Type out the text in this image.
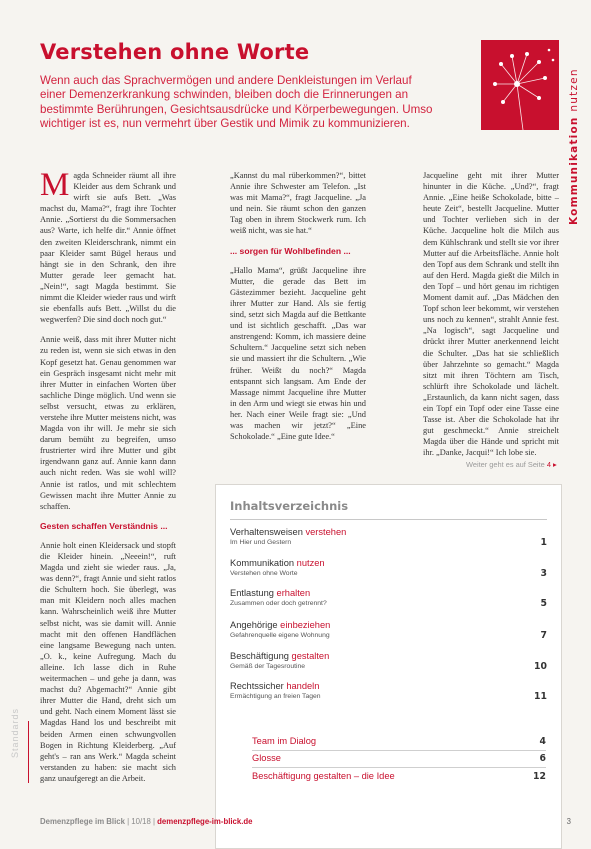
Verstehen ohne Worte

Wenn auch das Sprachvermögen und andere Denkleistungen im Verlauf einer Demenzerkrankung schwinden, bleiben doch die Erinnerungen an bestimmte Berührungen, Gesichtsausdrücke und Körperbewegungen. Umso wichtiger ist es, nun vermehrt über Gestik und Mimik zu kommunizieren.	Kommunikation nutzen

Magda Schneider räumt all ihre Kleider aus dem Schrank und wirft sie aufs Bett. „Was machst du, Mama?“, fragt ihre Tochter Annie. „Sortierst du die Sommersachen aus? Warte, ich helfe dir.“ Annie öffnet den zweiten Kleiderschrank, nimmt ein paar Kleider samt Bügel heraus und hängt sie in den Schrank, den ihre Mutter gerade leer gemacht hat. „Nein!“, sagt Magda bestimmt. Sie nimmt die Kleider wieder raus und wirft sie ebenfalls aufs Bett. „Willst du die wegwerfen? Die sind doch noch gut.“

Annie weiß, dass mit ihrer Mutter nicht zu reden ist, wenn sie sich etwas in den Kopf gesetzt hat. Genau genommen war ein Gespräch insgesamt nicht mehr mit ihrer Mutter in einfachen Worten über sachliche Dinge möglich. Und wenn sie selbst versucht, etwas zu erklären, verstehe ihre Mutter meistens nicht, was Magda von ihr will. Je mehr sie sich darum bemüht zu begreifen, umso frustrierter wird ihre Mutter und gibt irgendwann ganz auf. Annie kann dann auch nicht reden. Was sie wohl will? Annie ist ratlos, und mit schlechtem Gewissen macht ihre Mutter Annie zu schaffen.

Gesten schaffen Verständnis ...

Annie holt einen Kleidersack und stopft die Kleider hinein. „Neeein!“, ruft Magda und zieht sie wieder raus. „Ja, was denn?“, fragt Annie und sieht ratlos die Schultern hoch. Sie überlegt, was man mit Kleidern noch alles machen kann. Wahrscheinlich weiß ihre Mutter selbst nicht, was sie damit will. Annie macht mit den offenen Handflächen eine langsame Bewegung nach unten. „O. k., keine Aufregung. Mach du alleine. Ich lasse dich in Ruhe weitermachen – und gehe ja dann, was machst du? Abgemacht?“ Annie gibt ihrer Mutter die Hand, dreht sich um und geht. Nach einem Moment lässt sie Magdas Hand los und beschreibt mit beiden Armen einen schwungvollen Bogen in Richtung Kleiderberg. „Auf geht's – ran ans Werk.“ Magda scheint verstanden zu haben: sie macht sich ganz unaufgeregt an die Arbeit.

„Kannst du mal rüberkommen?“, bittet Annie ihre Schwester am Telefon. „Ist was mit Mama?“, fragt Jacqueline. „Ja und nein. Sie räumt schon den ganzen Tag oben in ihrem Stockwerk rum. Ich weiß nicht, was sie hat.“

... sorgen für Wohlbefinden ...

„Hallo Mama“, grüßt Jacqueline ihre Mutter, die gerade das Bett im Gästezimmer bezieht. Jacqueline geht ihrer Mutter zur Hand. Als sie fertig sind, setzt sich Magda auf die Bettkante und ist sichtlich geschafft. „Das war anstrengend: Komm, ich massiere deine Schultern.“ Jacqueline setzt sich neben sie und massiert ihr die Schultern. „Wie früher. Weißt du noch?“ Magda entspannt sich langsam. Am Ende der Massage nimmt Jacqueline ihre Mutter in den Arm und wiegt sie etwas hin und her. Nach einer Weile fragt sie: „Und was machen wir jetzt?“ „Eine Schokolade.“ „Eine gute Idee.“

Jacqueline geht mit ihrer Mutter hinunter in die Küche. „Und?“, fragt Annie. „Eine heiße Schokolade, bitte – heute Zeit“, bestellt Jacqueline. Mutter und Tochter verlieben sich in der Küche. Jacqueline holt die Milch aus dem Kühlschrank und stellt sie vor ihrer Mutter auf die Arbeitsfläche. Annie holt den Topf aus dem Schrank und stellt ihn auf den Herd. Magda gießt die Milch in den Topf – und hört genau im richtigen Moment damit auf. „Das Mädchen den Topf schon leer bekommt, wir verstehen uns noch zu kennen“, strahlt Annie fest. „Na logisch“, sagt Jacqueline und drückt ihrer Mutter anerkennend leicht die Schulter. „Das hat sie schließlich über Jahrzehnte so gemacht.“ Magda sitzt mit ihren Töchtern am Tisch, schlürft ihre Schokolade und lächelt. „Erstaunlich, da kann nicht sagen, dass ein Topf ein Topf oder eine Tasse eine Tasse ist. Aber die Schokolade hat ihr gut geschmeckt.“ Annie streichelt Magda über die Hände und spricht mit ihr. „Danke, Jacqui!“ Ich lobe sie.

Weiter geht es auf Seite 4 ▸
Inhaltsverzeichnis
Verhaltensweisen verstehen
Im Hier und Gestern	1
Kommunikation nutzen
Verstehen ohne Worte	3
Entlastung erhalten
Zusammen oder doch getrennt?	5
Angehörige einbeziehen
Gefahrenquelle eigene Wohnung	7
Beschäftigung gestalten
Gemäß der Tagesroutine	10
Rechtssicher handeln
Ermächtigung an freien Tagen	11
Standards	Team im Dialog	4
Glosse	6
Beschäftigung gestalten – die Idee	12
Demenzpflege im Blick | 10/18 | demenzpflege-im-blick.de	3
